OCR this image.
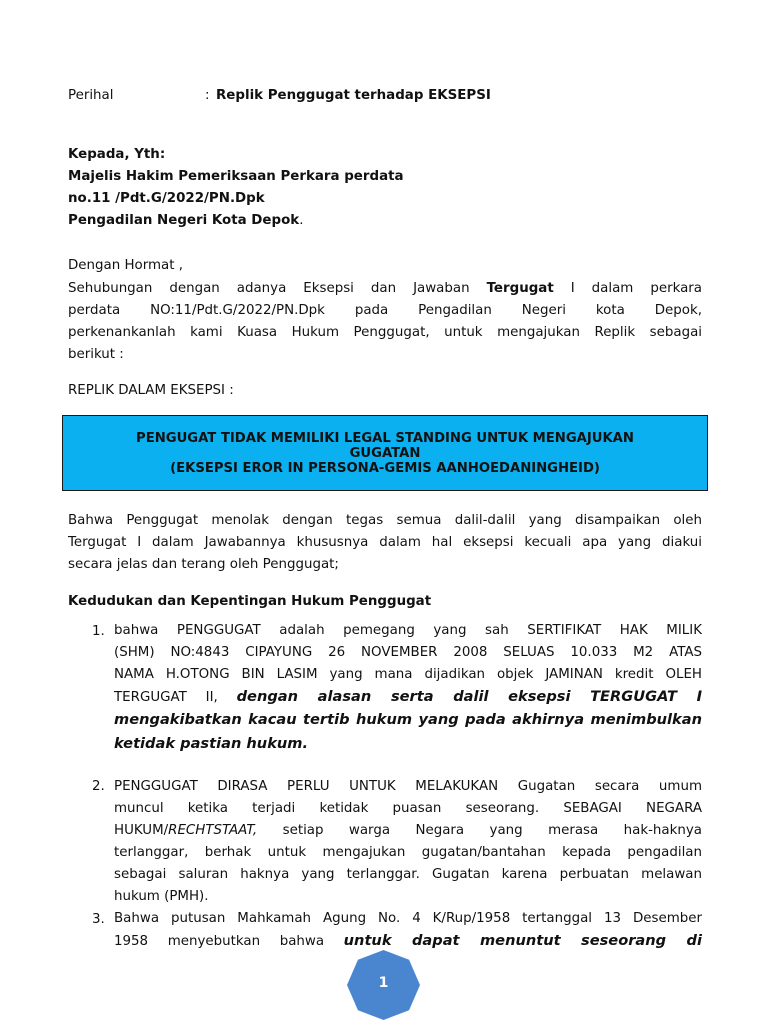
Perihal	: Replik Penggugat terhadap EKSEPSI
Kepada, Yth:
Majelis Hakim Pemeriksaan Perkara perdata
no.11 /Pdt.G/2022/PN.Dpk
Pengadilan Negeri Kota Depok.
Dengan Hormat ,
Sehubungan dengan adanya Eksepsi dan Jawaban Tergugat I dalam perkara
perdata NO:11/Pdt.G/2022/PN.Dpk pada Pengadilan Negeri kota Depok,
perkenankanlah kami Kuasa Hukum Penggugat, untuk mengajukan Replik sebagai
berikut :
REPLIK DALAM EKSEPSI :
PENGUGAT TIDAK MEMILIKI LEGAL STANDING UNTUK MENGAJUKAN
GUGATAN
(EKSEPSI EROR IN PERSONA-GEMIS AANHOEDANINGHEID)
Bahwa Penggugat menolak dengan tegas semua dalil-dalil yang disampaikan oleh
Tergugat I dalam Jawabannya khususnya dalam hal eksepsi kecuali apa yang diakui
secara jelas dan terang oleh Penggugat;
Kedudukan dan Kepentingan Hukum Penggugat
1. bahwa PENGGUGAT adalah pemegang yang sah SERTIFIKAT HAK MILIK
(SHM) NO:4843 CIPAYUNG 26 NOVEMBER 2008 SELUAS 10.033 M2 ATAS
NAMA H.OTONG BIN LASIM yang mana dijadikan objek JAMINAN kredit OLEH
TERGUGAT II, dengan alasan serta dalil eksepsi TERGUGAT I
mengakibatkan kacau tertib hukum yang pada akhirnya menimbulkan
ketidak pastian hukum.
2. PENGGUGAT DIRASA PERLU UNTUK MELAKUKAN Gugatan secara umum
muncul ketika terjadi ketidak puasan seseorang. SEBAGAI NEGARA
HUKUM/RECHTSTAAT, setiap warga Negara yang merasa hak-haknya
terlanggar, berhak untuk mengajukan gugatan/bantahan kepada pengadilan
sebagai saluran haknya yang terlanggar. Gugatan karena perbuatan melawan
hukum (PMH).
3. Bahwa putusan Mahkamah Agung No. 4 K/Rup/1958 tertanggal 13 Desember
1958 menyebutkan bahwa untuk dapat menuntut seseorang di
1
